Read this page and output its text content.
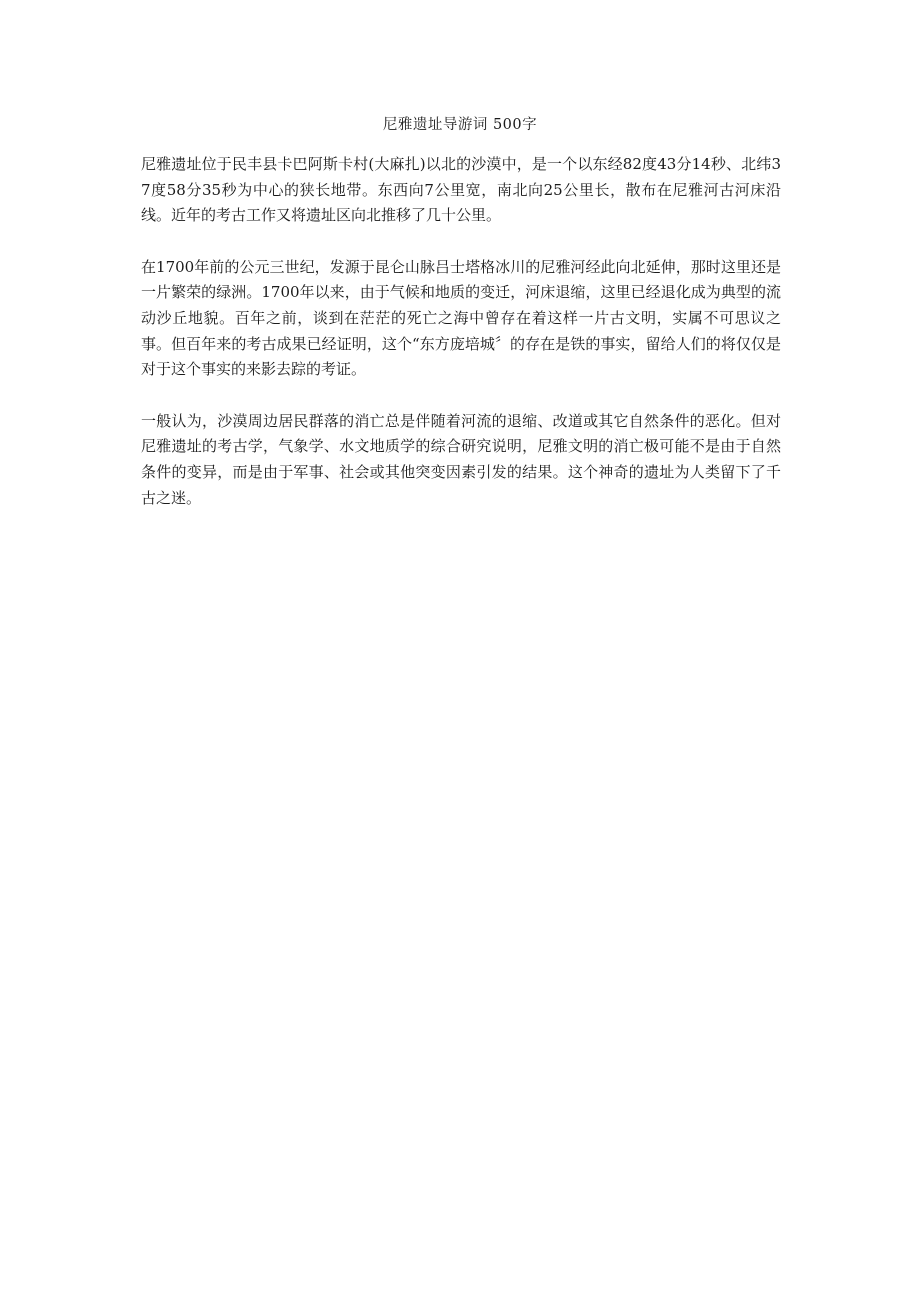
尼雅遗址导游词 500字

尼雅遗址位于民丰县卡巴阿斯卡村(大麻扎)以北的沙漠中，是一个以东经82度43分14秒、北纬37度58分35秒为中心的狭长地带。东西向7公里宽，南北向25公里长，散布在尼雅河古河床沿线。近年的考古工作又将遗址区向北推移了几十公里。

在1700年前的公元三世纪，发源于昆仑山脉吕士塔格冰川的尼雅河经此向北延伸，那时这里还是一片繁荣的绿洲。1700年以来，由于气候和地质的变迁，河床退缩，这里已经退化成为典型的流动沙丘地貌。百年之前，谈到在茫茫的死亡之海中曾存在着这样一片古文明，实属不可思议之事。但百年来的考古成果已经证明，这个“东方庞培城〞的存在是铁的事实，留给人们的将仅仅是对于这个事实的来影去踪的考证。

一般认为，沙漠周边居民群落的消亡总是伴随着河流的退缩、改道或其它自然条件的恶化。但对尼雅遗址的考古学，气象学、水文地质学的综合研究说明，尼雅文明的消亡极可能不是由于自然条件的变异，而是由于军事、社会或其他突变因素引发的结果。这个神奇的遗址为人类留下了千古之迷。
